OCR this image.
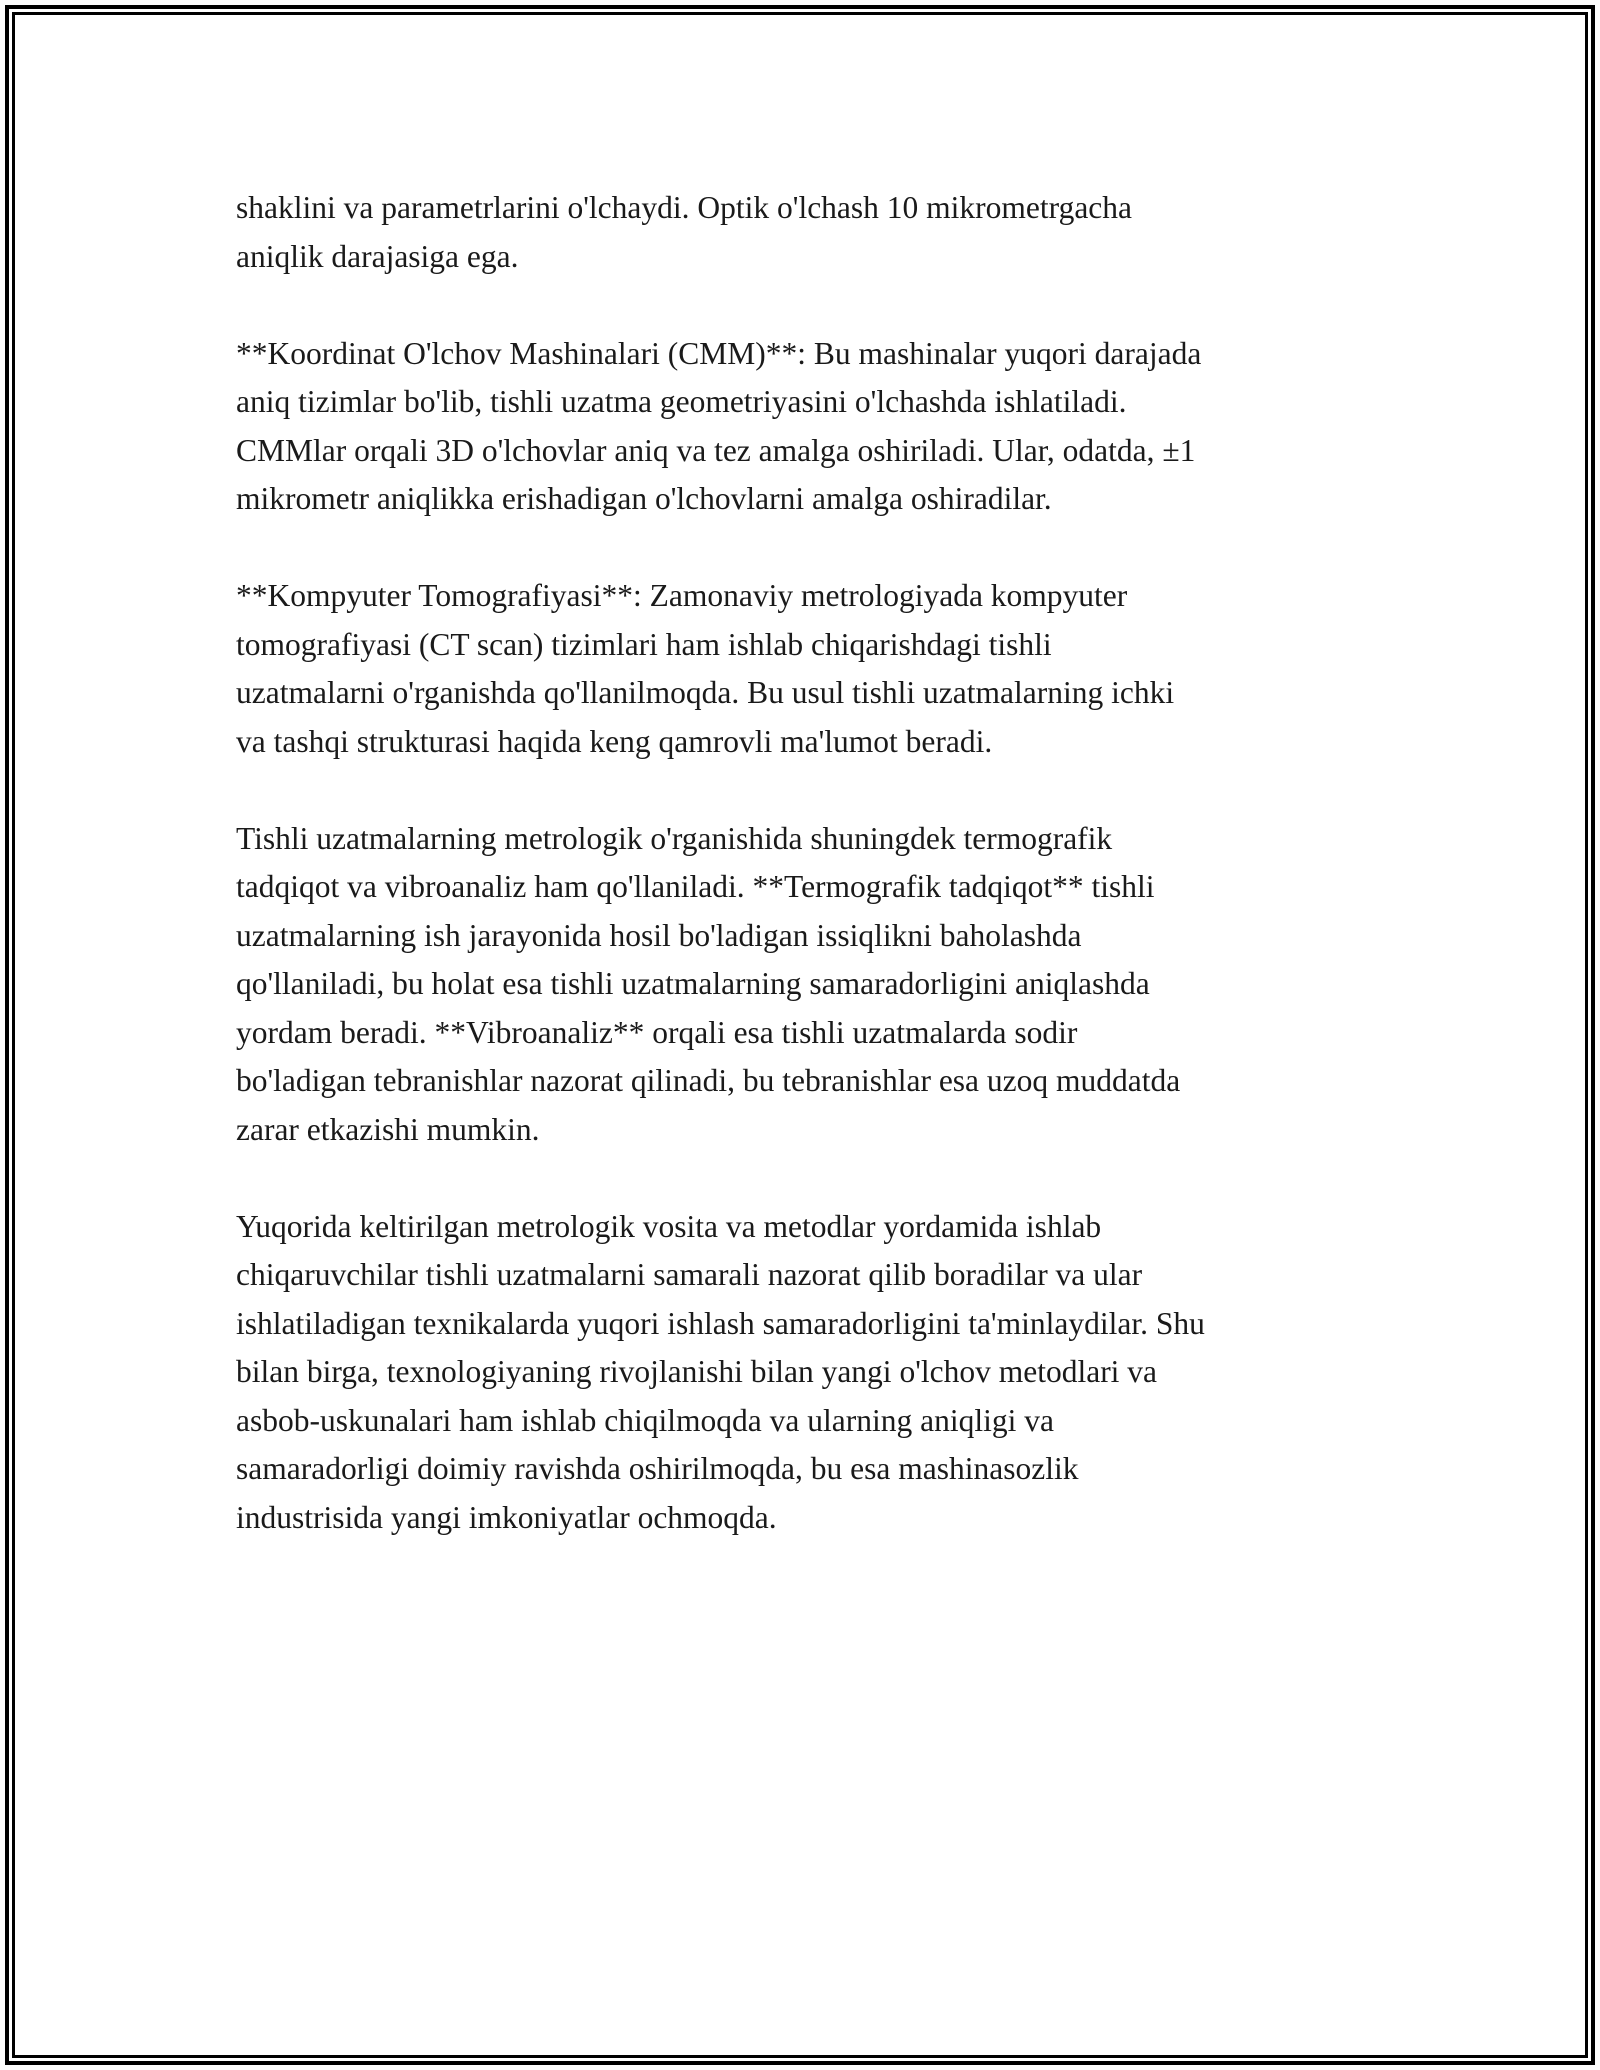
shaklini va parametrlarini o'lchaydi. Optik o'lchash 10 mikrometrgacha
aniqlik darajasiga ega.

**Koordinat O'lchov Mashinalari (CMM)**: Bu mashinalar yuqori darajada
aniq tizimlar bo'lib, tishli uzatma geometriyasini o'lchashda ishlatiladi.
CMMlar orqali 3D o'lchovlar aniq va tez amalga oshiriladi. Ular, odatda, ±1
mikrometr aniqlikka erishadigan o'lchovlarni amalga oshiradilar.

**Kompyuter Tomografiyasi**: Zamonaviy metrologiyada kompyuter
tomografiyasi (CT scan) tizimlari ham ishlab chiqarishdagi tishli
uzatmalarni o'rganishda qo'llanilmoqda. Bu usul tishli uzatmalarning ichki
va tashqi strukturasi haqida keng qamrovli ma'lumot beradi.

Tishli uzatmalarning metrologik o'rganishida shuningdek termografik
tadqiqot va vibroanaliz ham qo'llaniladi. **Termografik tadqiqot** tishli
uzatmalarning ish jarayonida hosil bo'ladigan issiqlikni baholashda
qo'llaniladi, bu holat esa tishli uzatmalarning samaradorligini aniqlashda
yordam beradi. **Vibroanaliz** orqali esa tishli uzatmalarda sodir
bo'ladigan tebranishlar nazorat qilinadi, bu tebranishlar esa uzoq muddatda
zarar etkazishi mumkin.

Yuqorida keltirilgan metrologik vosita va metodlar yordamida ishlab
chiqaruvchilar tishli uzatmalarni samarali nazorat qilib boradilar va ular
ishlatiladigan texnikalarda yuqori ishlash samaradorligini ta'minlaydilar. Shu
bilan birga, texnologiyaning rivojlanishi bilan yangi o'lchov metodlari va
asbob-uskunalari ham ishlab chiqilmoqda va ularning aniqligi va
samaradorligi doimiy ravishda oshirilmoqda, bu esa mashinasozlik
industrisida yangi imkoniyatlar ochmoqda.
